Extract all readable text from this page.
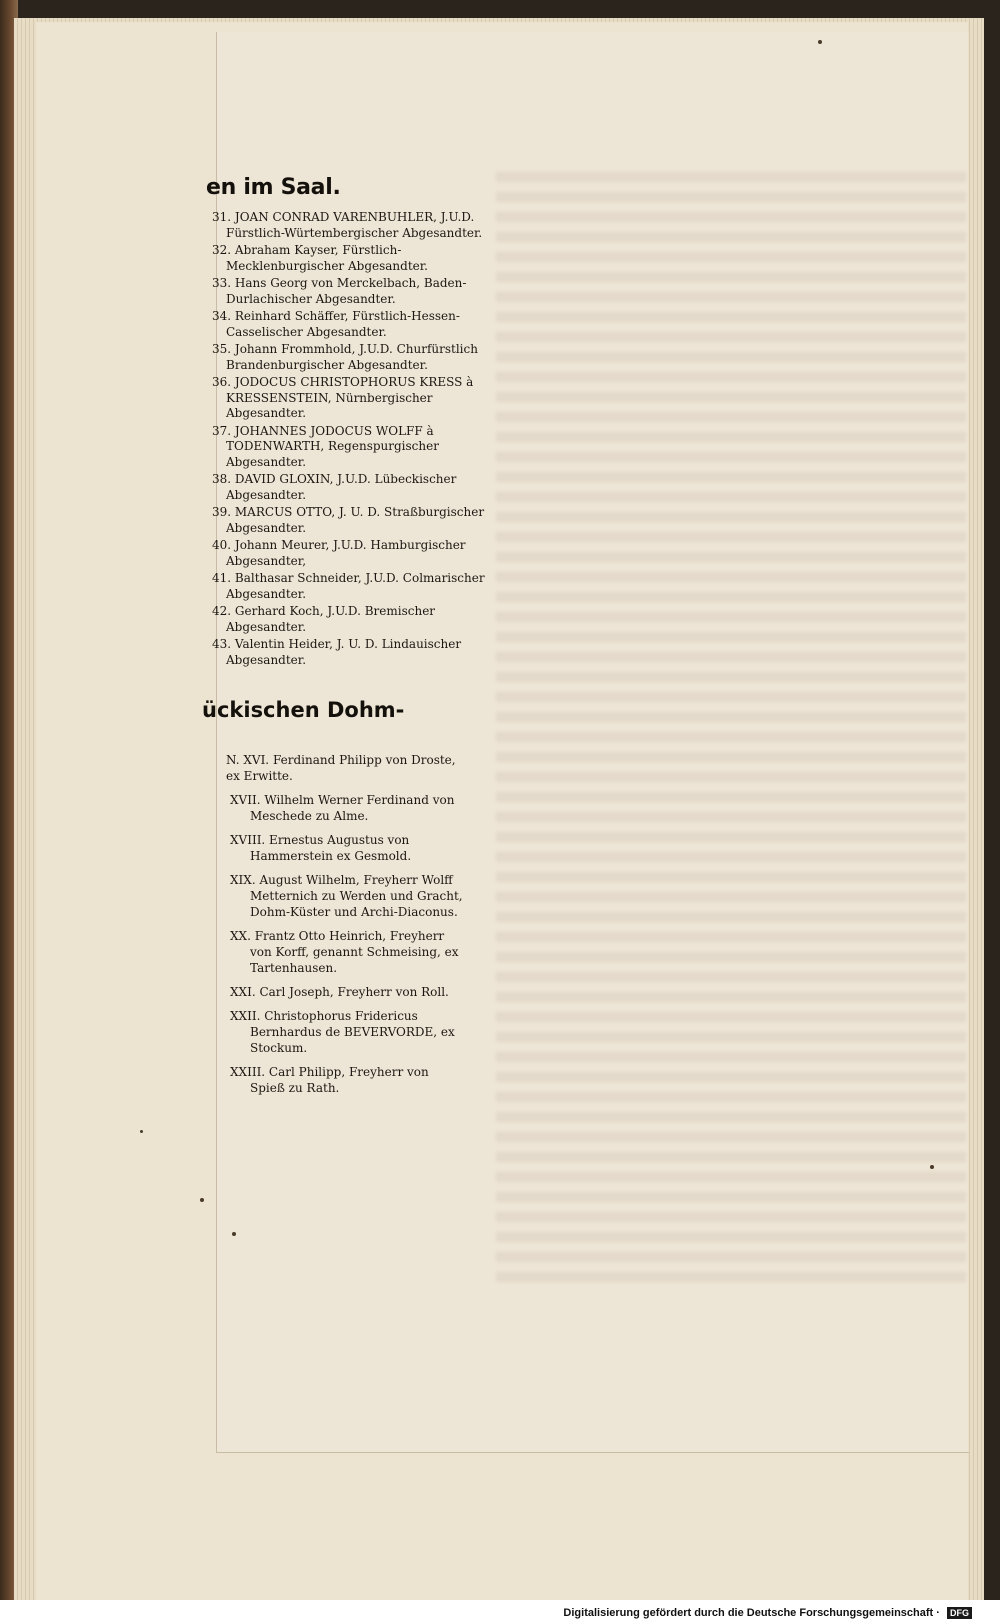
en im Saal.
31. JOAN CONRAD VARENBUHLER, J.U.D. Fürstlich-Würtembergischer Abgesandter.
32. Abraham Kayser, Fürstlich-Mecklenburgischer Abgesandter.
33. Hans Georg von Merckelbach, Baden-Durlachischer Abgesandter.
34. Reinhard Schäffer, Fürstlich-Hessen-Casselischer Abgesandter.
35. Johann Frommhold, J.U.D. Churfürstlich Brandenburgischer Abgesandter.
36. JODOCUS CHRISTOPHORUS KRESS à KRESSENSTEIN, Nürnbergischer Abgesandter.
37. JOHANNES JODOCUS WOLFF à TODENWARTH, Regenspurgischer Abgesandter.
38. DAVID GLOXIN, J.U.D. Lübeckischer Abgesandter.
39. MARCUS OTTO, J. U. D. Straßburgischer Abgesandter.
40. Johann Meurer, J.U.D. Hamburgischer Abgesandter,
41. Balthasar Schneider, J.U.D. Colmarischer Abgesandter.
42. Gerhard Koch, J.U.D. Bremischer Abgesandter.
43. Valentin Heider, J. U. D. Lindauischer Abgesandter.
ückischen Dohm-
N. XVI. Ferdinand Philipp von Droste, ex Erwitte.
XVII. Wilhelm Werner Ferdinand von Meschede zu Alme.
XVIII. Ernestus Augustus von Hammerstein ex Gesmold.
XIX. August Wilhelm, Freyherr Wolff Metternich zu Werden und Gracht, Dohm-Küster und Archi-Diaconus.
XX. Frantz Otto Heinrich, Freyherr von Korff, genannt Schmeising, ex Tartenhausen.
XXI. Carl Joseph, Freyherr von Roll.
XXII. Christophorus Fridericus Bernhardus de BEVERVORDE, ex Stockum.
XXIII. Carl Philipp, Freyherr von Spieß zu Rath.
Digitalisierung gefördert durch die Deutsche Forschungsgemeinschaft · DFG
